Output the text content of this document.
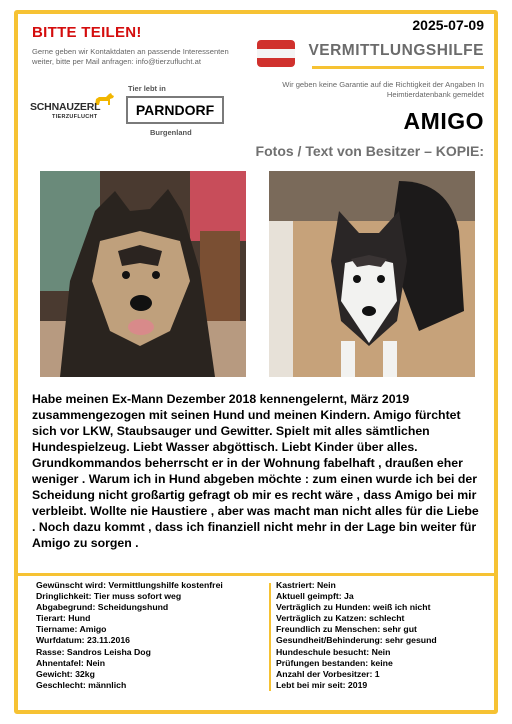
BITTE TEILEN!
Gerne geben wir Kontaktdaten an passende Interessenten weiter, bitte per Mail anfragen: info@tierzuflucht.at
2025-07-09
VERMITTLUNGSHILFE
Wir geben keine Garantie auf die Richtigkeit der Angaben In Heimtierdatenbank gemeldet
SCHNAUZERL
TIERZUFLUCHT
Tier lebt in
PARNDORF
Burgenland	AMIGO
Fotos / Text von Besitzer – KOPIE:
Habe meinen Ex-Mann Dezember 2018 kennengelernt, März 2019 zusammengezogen mit seinen Hund und meinen Kindern. Amigo fürchtet sich vor LKW, Staubsauger und Gewitter. Spielt mit alles sämtlichen Hundespielzeug. Liebt Wasser abgöttisch. Liebt Kinder über alles. Grundkommandos beherrscht er in der Wohnung fabelhaft , draußen eher weniger . Warum ich in Hund abgeben möchte : zum einen wurde ich bei der Scheidung nicht großartig gefragt ob mir es recht wäre , dass Amigo bei mir verbleibt. Wollte nie Haustiere , aber was macht man nicht alles für die Liebe . Noch dazu kommt , dass ich finanziell nicht mehr in der Lage bin weiter für Amigo zu sorgen .
Gewünscht wird: Vermittlungshilfe kostenfrei
Dringlichkeit: Tier muss sofort weg
Abgabegrund: Scheidungshund
Tierart: Hund
Tiername: Amigo
Wurfdatum: 23.11.2016
Rasse: Sandros Leisha Dog
Ahnentafel: Nein
Gewicht: 32kg
Geschlecht: männlich
Kastriert: Nein
Aktuell geimpft: Ja
Verträglich zu Hunden: weiß ich nicht
Verträglich zu Katzen: schlecht
Freundlich zu Menschen: sehr gut
Gesundheit/Behinderung: sehr gesund
Hundeschule besucht: Nein
Prüfungen bestanden: keine
Anzahl der Vorbesitzer: 1
Lebt bei mir seit: 2019
